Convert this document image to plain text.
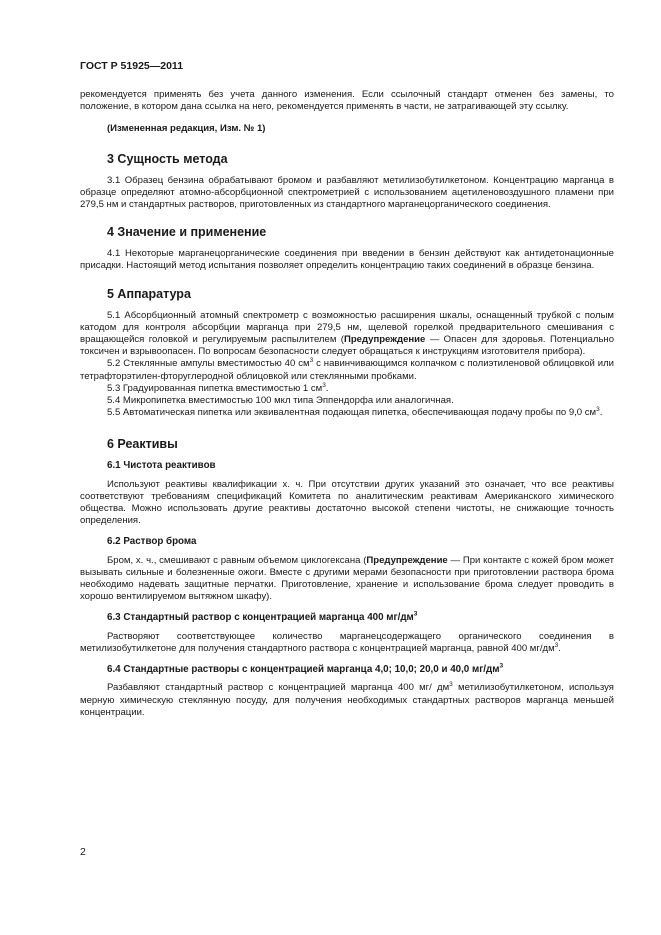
ГОСТ Р 51925—2011

рекомендуется применять без учета данного изменения. Если ссылочный стандарт отменен без замены, то положение, в котором дана ссылка на него, рекомендуется применять в части, не затрагивающей эту ссылку.

(Измененная редакция, Изм. № 1)

3 Сущность метода

3.1 Образец бензина обрабатывают бромом и разбавляют метилизобутилкетоном. Концентрацию марганца в образце определяют атомно-абсорбционной спектрометрией с использованием ацетиленовоздушного пламени при 279,5 нм и стандартных растворов, приготовленных из стандартного марганецорганического соединения.

4 Значение и применение

4.1 Некоторые марганецорганические соединения при введении в бензин действуют как антидетонационные присадки. Настоящий метод испытания позволяет определить концентрацию таких соединений в образце бензина.

5 Аппаратура

5.1 Абсорбционный атомный спектрометр с возможностью расширения шкалы, оснащенный трубкой с полым катодом для контроля абсорбции марганца при 279,5 нм, щелевой горелкой предварительного смешивания с вращающейся головкой и регулируемым распылителем (Предупреждение — Опасен для здоровья. Потенциально токсичен и взрывоопасен. По вопросам безопасности следует обращаться к инструкциям изготовителя прибора).

5.2 Стеклянные ампулы вместимостью 40 $см^3$ с навинчивающимся колпачком с полиэтиленовой облицовкой или тетрафторэтилен-фторуглеродной облицовкой или стеклянными пробками.

5.3 Градуированная пипетка вместимостью 1 $см^3$.

5.4 Микропипетка вместимостью 100 мкл типа Эппендорфа или аналогичная.

5.5 Автоматическая пипетка или эквивалентная подающая пипетка, обеспечивающая подачу пробы по 9,0 $см^3$.

6 Реактивы
6.1 Чистота реактивов

Используют реактивы квалификации х. ч. При отсутствии других указаний это означает, что все реактивы соответствуют требованиям спецификаций Комитета по аналитическим реактивам Американского химического общества. Можно использовать другие реактивы достаточно высокой степени чистоты, не снижающие точность определения.

6.2 Раствор брома

Бром, х. ч., смешивают с равным объемом циклогексана (Предупреждение — При контакте с кожей бром может вызывать сильные и болезненные ожоги. Вместе с другими мерами безопасности при приготовлении раствора брома необходимо надевать защитные перчатки. Приготовление, хранение и использование брома следует проводить в хорошо вентилируемом вытяжном шкафу).

6.3 Стандартный раствор с концентрацией марганца 400 $мг/дм^3$

Растворяют соответствующее количество марганецсодержащего органического соединения в метилизобутилкетоне для получения стандартного раствора с концентрацией марганца, равной 400 $мг/дм^3$.

6.4 Стандартные растворы с концентрацией марганца 4,0; 10,0; 20,0 и 40,0 $мг/дм^3$

Разбавляют стандартный раствор с концентрацией марганца 400 мг/ $дм^3$ метилизобутилкетоном, используя мерную химическую стеклянную посуду, для получения необходимых стандартных растворов марганца меньшей концентрации.

2
